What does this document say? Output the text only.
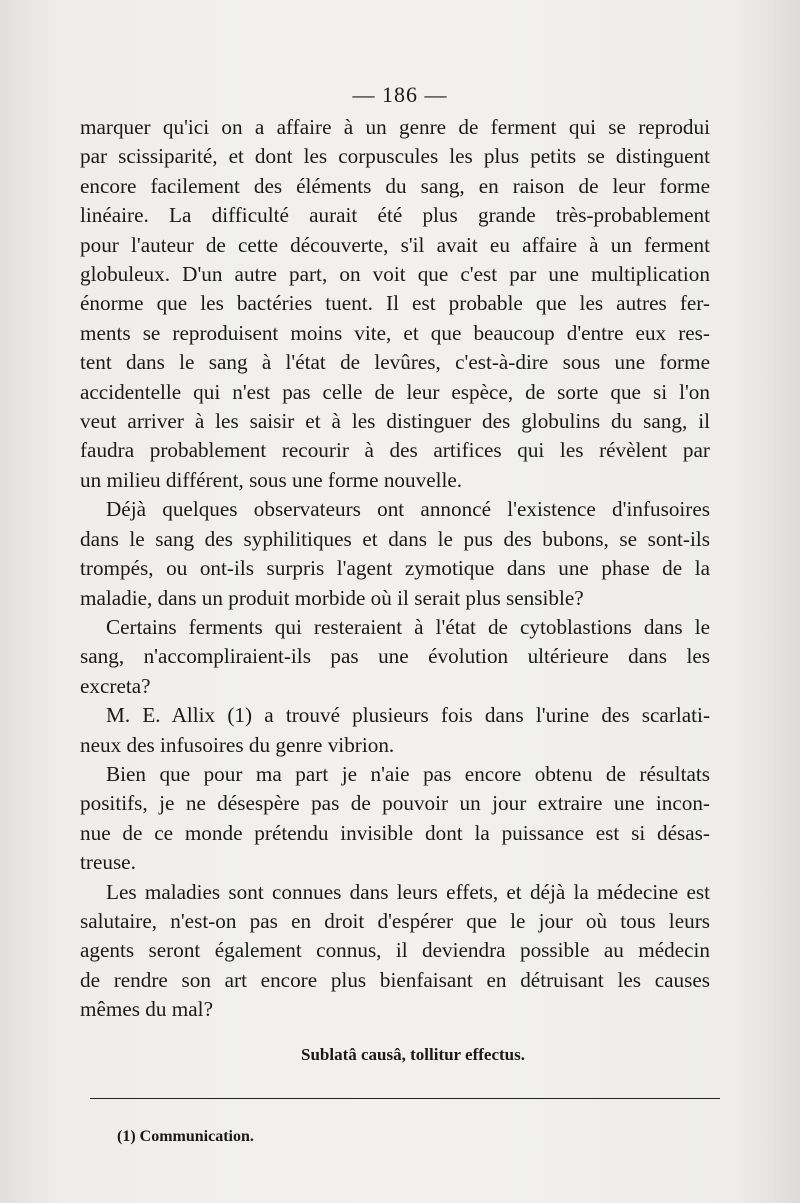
— 186 —

marquer qu'ici on a affaire à un genre de ferment qui se reprodui
par scissiparité, et dont les corpuscules les plus petits se distinguent
encore facilement des éléments du sang, en raison de leur forme
linéaire. La difficulté aurait été plus grande très-probablement
pour l'auteur de cette découverte, s'il avait eu affaire à un ferment
globuleux. D'un autre part, on voit que c'est par une multiplication
énorme que les bactéries tuent. Il est probable que les autres fer-
ments se reproduisent moins vite, et que beaucoup d'entre eux res-
tent dans le sang à l'état de levûres, c'est-à-dire sous une forme
accidentelle qui n'est pas celle de leur espèce, de sorte que si l'on
veut arriver à les saisir et à les distinguer des globulins du sang, il
faudra probablement recourir à des artifices qui les révèlent par
un milieu différent, sous une forme nouvelle.

Déjà quelques observateurs ont annoncé l'existence d'infusoires
dans le sang des syphilitiques et dans le pus des bubons, se sont-ils
trompés, ou ont-ils surpris l'agent zymotique dans une phase de la
maladie, dans un produit morbide où il serait plus sensible?

Certains ferments qui resteraient à l'état de cytoblastions dans le
sang, n'accompliraient-ils pas une évolution ultérieure dans les
excreta?

M. E. Allix (1) a trouvé plusieurs fois dans l'urine des scarlati-
neux des infusoires du genre vibrion.

Bien que pour ma part je n'aie pas encore obtenu de résultats
positifs, je ne désespère pas de pouvoir un jour extraire une incon-
nue de ce monde prétendu invisible dont la puissance est si désas-
treuse.

Les maladies sont connues dans leurs effets, et déjà la médecine est
salutaire, n'est-on pas en droit d'espérer que le jour où tous leurs
agents seront également connus, il deviendra possible au médecin
de rendre son art encore plus bienfaisant en détruisant les causes
mêmes du mal?

Sublatâ causâ, tollitur effectus.
(1) Communication.
